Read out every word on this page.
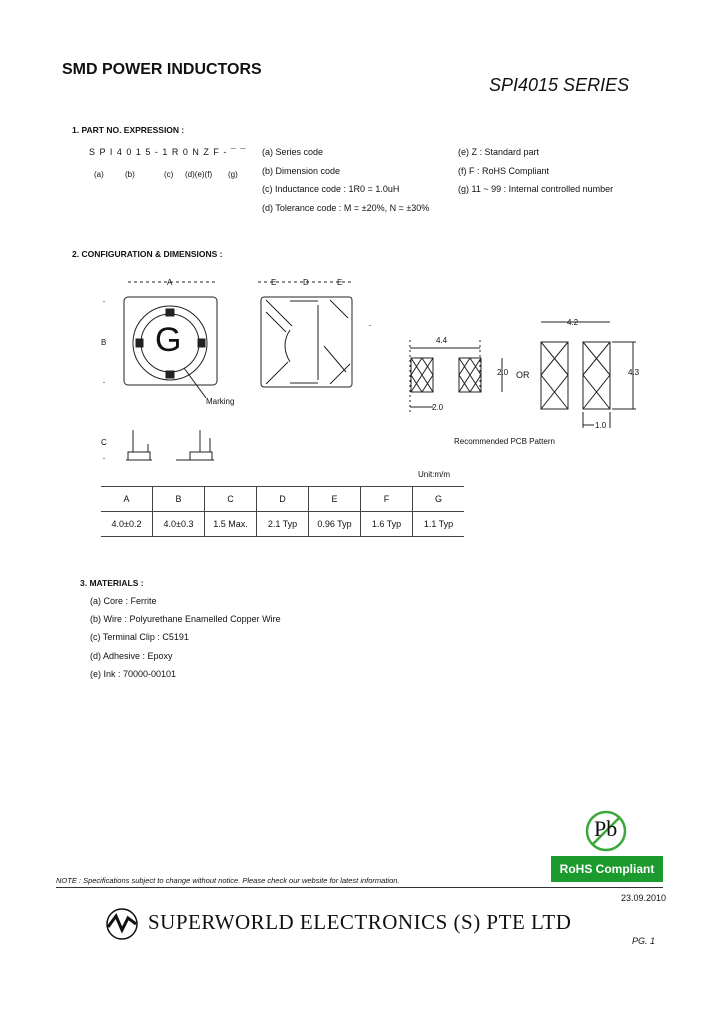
SMD POWER INDUCTORS
SPI4015 SERIES
1. PART NO. EXPRESSION :
S P I 4 0 1 5 - 1 R 0 N Z F - ¯ ¯
(a)	(b)	(c) (d)(e)(f) (g)
(a) Series code
(b) Dimension code
(c) Inductance code : 1R0 = 1.0uH
(d) Tolerance code : M = ±20%, N = ±30%
(e) Z : Standard part
(f) F : RoHS Compliant
(g) 11 ~ 99 : Internal controlled number
2. CONFIGURATION & DIMENSIONS :
A	E	D	E
B
C
G
Marking
4.4
2.0
2.0
OR
4.2
4.3
1.0
Recommended PCB Pattern
Unit:m/m
A	B	C	D	E	F	G
4.0±0.2	4.0±0.3	1.5 Max.	2.1 Typ	0.96 Typ	1.6 Typ	1.1 Typ
3. MATERIALS :
(a) Core : Ferrite
(b) Wire : Polyurethane Enamelled Copper Wire
(c) Terminal Clip : C5191
(d) Adhesive : Epoxy
(e) Ink : 70000-00101
Pb
RoHS Compliant
NOTE : Specifications subject to change without notice. Please check our website for latest information.
23.09.2010
SUPERWORLD ELECTRONICS (S) PTE LTD
PG. 1
